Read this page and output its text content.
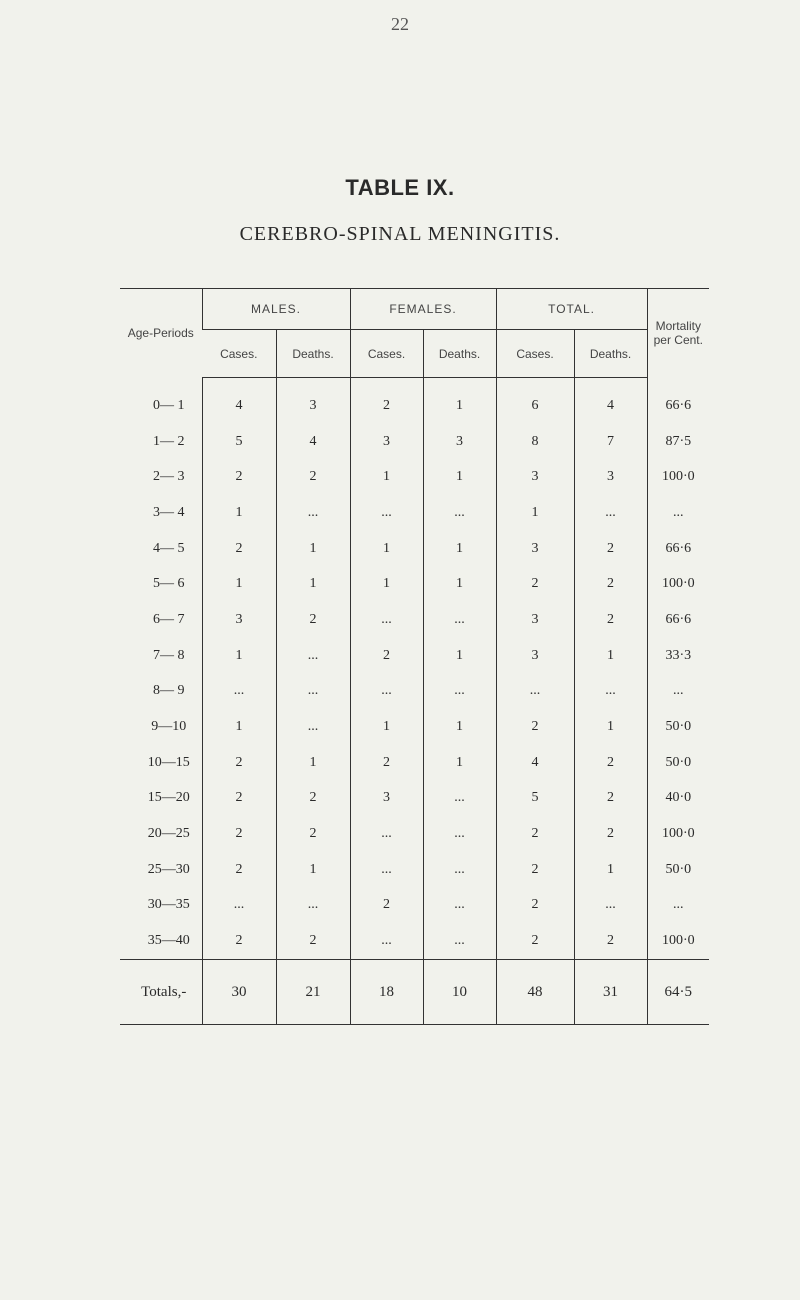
22
TABLE IX.
CEREBRO-SPINAL MENINGITIS.
Age-Periods	MALES.		FEMALES.		TOTAL.		Mortality per Cent.
	Cases.	Deaths.	Cases.	Deaths.	Cases.	Deaths.	
0— 1	4	3	2	1	6	4	66·6
1— 2	5	4	3	3	8	7	87·5
2— 3	2	2	1	1	3	3	100·0
3— 4	1	...	...	...	1	...	...
4— 5	2	1	1	1	3	2	66·6
5— 6	1	1	1	1	2	2	100·0
6— 7	3	2	...	...	3	2	66·6
7— 8	1	...	2	1	3	1	33·3
8— 9	...	...	...	...	...	...	...
9—10	1	...	1	1	2	1	50·0
10—15	2	1	2	1	4	2	50·0
15—20	2	2	3	...	5	2	40·0
20—25	2	2	...	...	2	2	100·0
25—30	2	1	...	...	2	1	50·0
30—35	...	...	2	...	2	...	...
35—40	2	2	...	...	2	2	100·0
Totals,-	30	21	18	10	48	31	64·5
